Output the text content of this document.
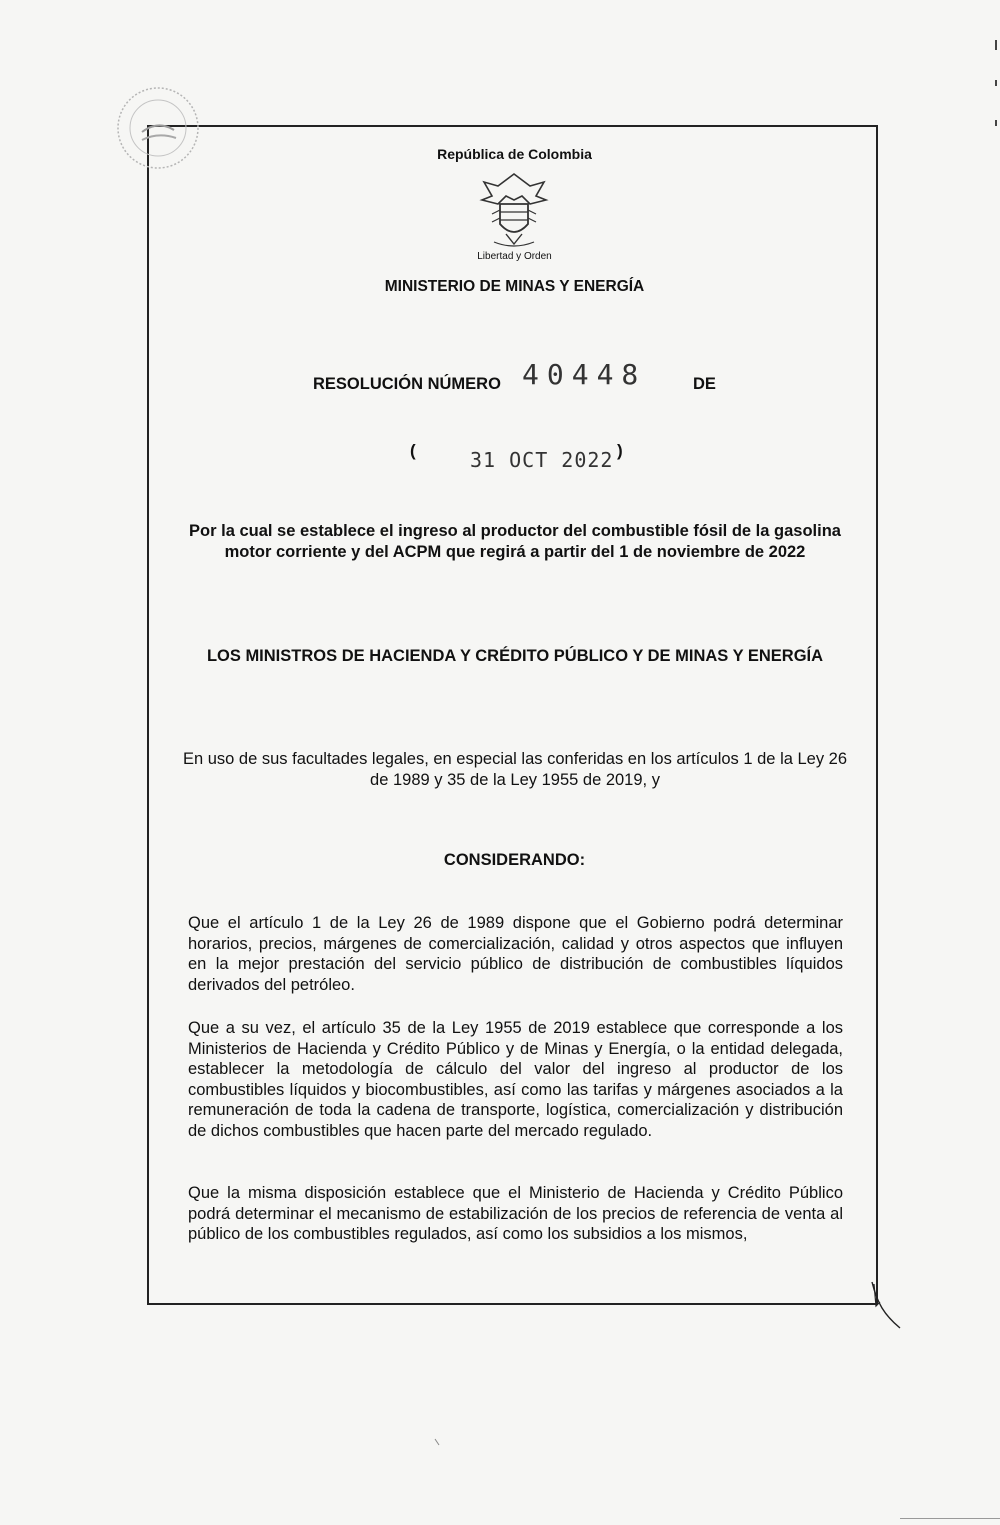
República de Colombia
Libertad y Orden
MINISTERIO DE MINAS Y ENERGÍA
RESOLUCIÓN NÚMERO 40448	DE
(	31 OCT 2022 )
Por la cual se establece el ingreso al productor del combustible fósil de la gasolina motor corriente y del ACPM que regirá a partir del 1 de noviembre de 2022
LOS MINISTROS DE HACIENDA Y CRÉDITO PÚBLICO Y DE MINAS Y ENERGÍA
En uso de sus facultades legales, en especial las conferidas en los artículos 1 de la Ley 26 de 1989 y 35 de la Ley 1955 de 2019, y
CONSIDERANDO:

Que el artículo 1 de la Ley 26 de 1989 dispone que el Gobierno podrá determinar horarios, precios, márgenes de comercialización, calidad y otros aspectos que influyen en la mejor prestación del servicio público de distribución de combustibles líquidos derivados del petróleo.

Que a su vez, el artículo 35 de la Ley 1955 de 2019 establece que corresponde a los Ministerios de Hacienda y Crédito Público y de Minas y Energía, o la entidad delegada, establecer la metodología de cálculo del valor del ingreso al productor de los combustibles líquidos y biocombustibles, así como las tarifas y márgenes asociados a la remuneración de toda la cadena de transporte, logística, comercialización y distribución de dichos combustibles que hacen parte del mercado regulado.

Que la misma disposición establece que el Ministerio de Hacienda y Crédito Público podrá determinar el mecanismo de estabilización de los precios de referencia de venta al público de los combustibles regulados, así como los subsidios a los mismos,
